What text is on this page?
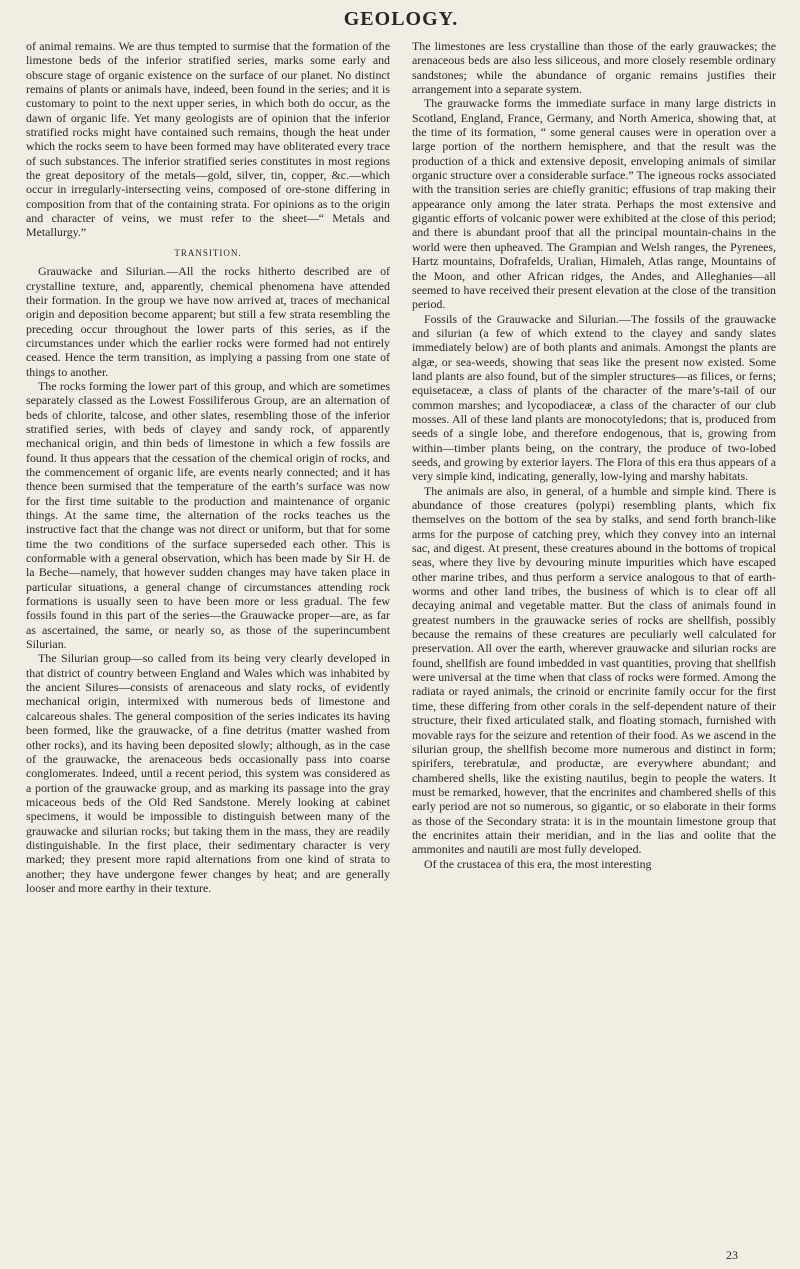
GEOLOGY.

of animal remains. We are thus tempted to surmise that the formation of the limestone beds of the inferior stratified series, marks some early and obscure stage of organic existence on the surface of our planet. No distinct remains of plants or animals have, indeed, been found in the series; and it is customary to point to the next upper series, in which both do occur, as the dawn of organic life. Yet many geologists are of opinion that the inferior stratified rocks might have contained such remains, though the heat under which the rocks seem to have been formed may have obliterated every trace of such substances. The inferior stratified series constitutes in most regions the great depository of the metals—gold, silver, tin, copper, &c.—which occur in irregularly-intersecting veins, composed of ore-stone differing in composition from that of the containing strata. For opinions as to the origin and character of veins, we must refer to the sheet—“ Metals and Metallurgy.”

TRANSITION.

Grauwacke and Silurian.—All the rocks hitherto described are of crystalline texture, and, apparently, chemical phenomena have attended their formation. In the group we have now arrived at, traces of mechanical origin and deposition become apparent; but still a few strata resembling the preceding occur throughout the lower parts of this series, as if the circumstances under which the earlier rocks were formed had not entirely ceased. Hence the term transition, as implying a passing from one state of things to another.

The rocks forming the lower part of this group, and which are sometimes separately classed as the Lowest Fossiliferous Group, are an alternation of beds of chlorite, talcose, and other slates, resembling those of the inferior stratified series, with beds of clayey and sandy rock, of apparently mechanical origin, and thin beds of limestone in which a few fossils are found. It thus appears that the cessation of the chemical origin of rocks, and the commencement of organic life, are events nearly connected; and it has thence been surmised that the temperature of the earth’s surface was now for the first time suitable to the production and maintenance of organic things. At the same time, the alternation of the rocks teaches us the instructive fact that the change was not direct or uniform, but that for some time the two conditions of the surface superseded each other. This is conformable with a general observation, which has been made by Sir H. de la Beche—namely, that however sudden changes may have taken place in particular situations, a general change of circumstances attending rock formations is usually seen to have been more or less gradual. The few fossils found in this part of the series—the Grauwacke proper—are, as far as ascertained, the same, or nearly so, as those of the superincumbent Silurian.

The Silurian group—so called from its being very clearly developed in that district of country between England and Wales which was inhabited by the ancient Silures—consists of arenaceous and slaty rocks, of evidently mechanical origin, intermixed with numerous beds of limestone and calcareous shales. The general composition of the series indicates its having been formed, like the grauwacke, of a fine detritus (matter washed from other rocks), and its having been deposited slowly; although, as in the case of the grauwacke, the arenaceous beds occasionally pass into coarse conglomerates. Indeed, until a recent period, this system was considered as a portion of the grauwacke group, and as marking its passage into the gray micaceous beds of the Old Red Sandstone. Merely looking at cabinet specimens, it would be impossible to distinguish between many of the grauwacke and silurian rocks; but taking them in the mass, they are readily distinguishable. In the first place, their sedimentary character is very marked; they present more rapid alternations from one kind of strata to another; they have undergone fewer changes by heat; and are generally looser and more earthy in their texture.

The limestones are less crystalline than those of the early grauwackes; the arenaceous beds are also less siliceous, and more closely resemble ordinary sandstones; while the abundance of organic remains justifies their arrangement into a separate system.

The grauwacke forms the immediate surface in many large districts in Scotland, England, France, Germany, and North America, showing that, at the time of its formation, “ some general causes were in operation over a large portion of the northern hemisphere, and that the result was the production of a thick and extensive deposit, enveloping animals of similar organic structure over a considerable surface.” The igneous rocks associated with the transition series are chiefly granitic; effusions of trap making their appearance only among the later strata. Perhaps the most extensive and gigantic efforts of volcanic power were exhibited at the close of this period; and there is abundant proof that all the principal mountain-chains in the world were then upheaved. The Grampian and Welsh ranges, the Pyrenees, Hartz mountains, Dofrafelds, Uralian, Himaleh, Atlas range, Mountains of the Moon, and other African ridges, the Andes, and Alleghanies—all seemed to have received their present elevation at the close of the transition period.

Fossils of the Grauwacke and Silurian.—The fossils of the grauwacke and silurian (a few of which extend to the clayey and sandy slates immediately below) are of both plants and animals. Amongst the plants are algæ, or sea-weeds, showing that seas like the present now existed. Some land plants are also found, but of the simpler structures—as filices, or ferns; equisetaceæ, a class of plants of the character of the mare’s-tail of our common marshes; and lycopodiaceæ, a class of the character of our club mosses. All of these land plants are monocotyledons; that is, produced from seeds of a single lobe, and therefore endogenous, that is, growing from within—timber plants being, on the contrary, the produce of two-lobed seeds, and growing by exterior layers. The Flora of this era thus appears of a very simple kind, indicating, generally, low-lying and marshy habitats.

The animals are also, in general, of a humble and simple kind. There is abundance of those creatures (polypi) resembling plants, which fix themselves on the bottom of the sea by stalks, and send forth branch-like arms for the purpose of catching prey, which they convey into an internal sac, and digest. At present, these creatures abound in the bottoms of tropical seas, where they live by devouring minute impurities which have escaped other marine tribes, and thus perform a service analogous to that of earth-worms and other land tribes, the business of which is to clear off all decaying animal and vegetable matter. But the class of animals found in greatest numbers in the grauwacke series of rocks are shellfish, possibly because the remains of these creatures are peculiarly well calculated for preservation. All over the earth, wherever grauwacke and silurian rocks are found, shellfish are found imbedded in vast quantities, proving that shellfish were universal at the time when that class of rocks were formed. Among the radiata or rayed animals, the crinoid or encrinite family occur for the first time, these differing from other corals in the self-dependent nature of their structure, their fixed articulated stalk, and floating stomach, furnished with movable rays for the seizure and retention of their food. As we ascend in the silurian group, the shellfish become more numerous and distinct in form; spirifers, terebratulæ, and productæ, are everywhere abundant; and chambered shells, like the existing nautilus, begin to people the waters. It must be remarked, however, that the encrinites and chambered shells of this early period are not so numerous, so gigantic, or so elaborate in their forms as those of the Secondary strata: it is in the mountain limestone group that the encrinites attain their meridian, and in the lias and oolite that the ammonites and nautili are most fully developed.

Of the crustacea of this era, the most interesting

23
